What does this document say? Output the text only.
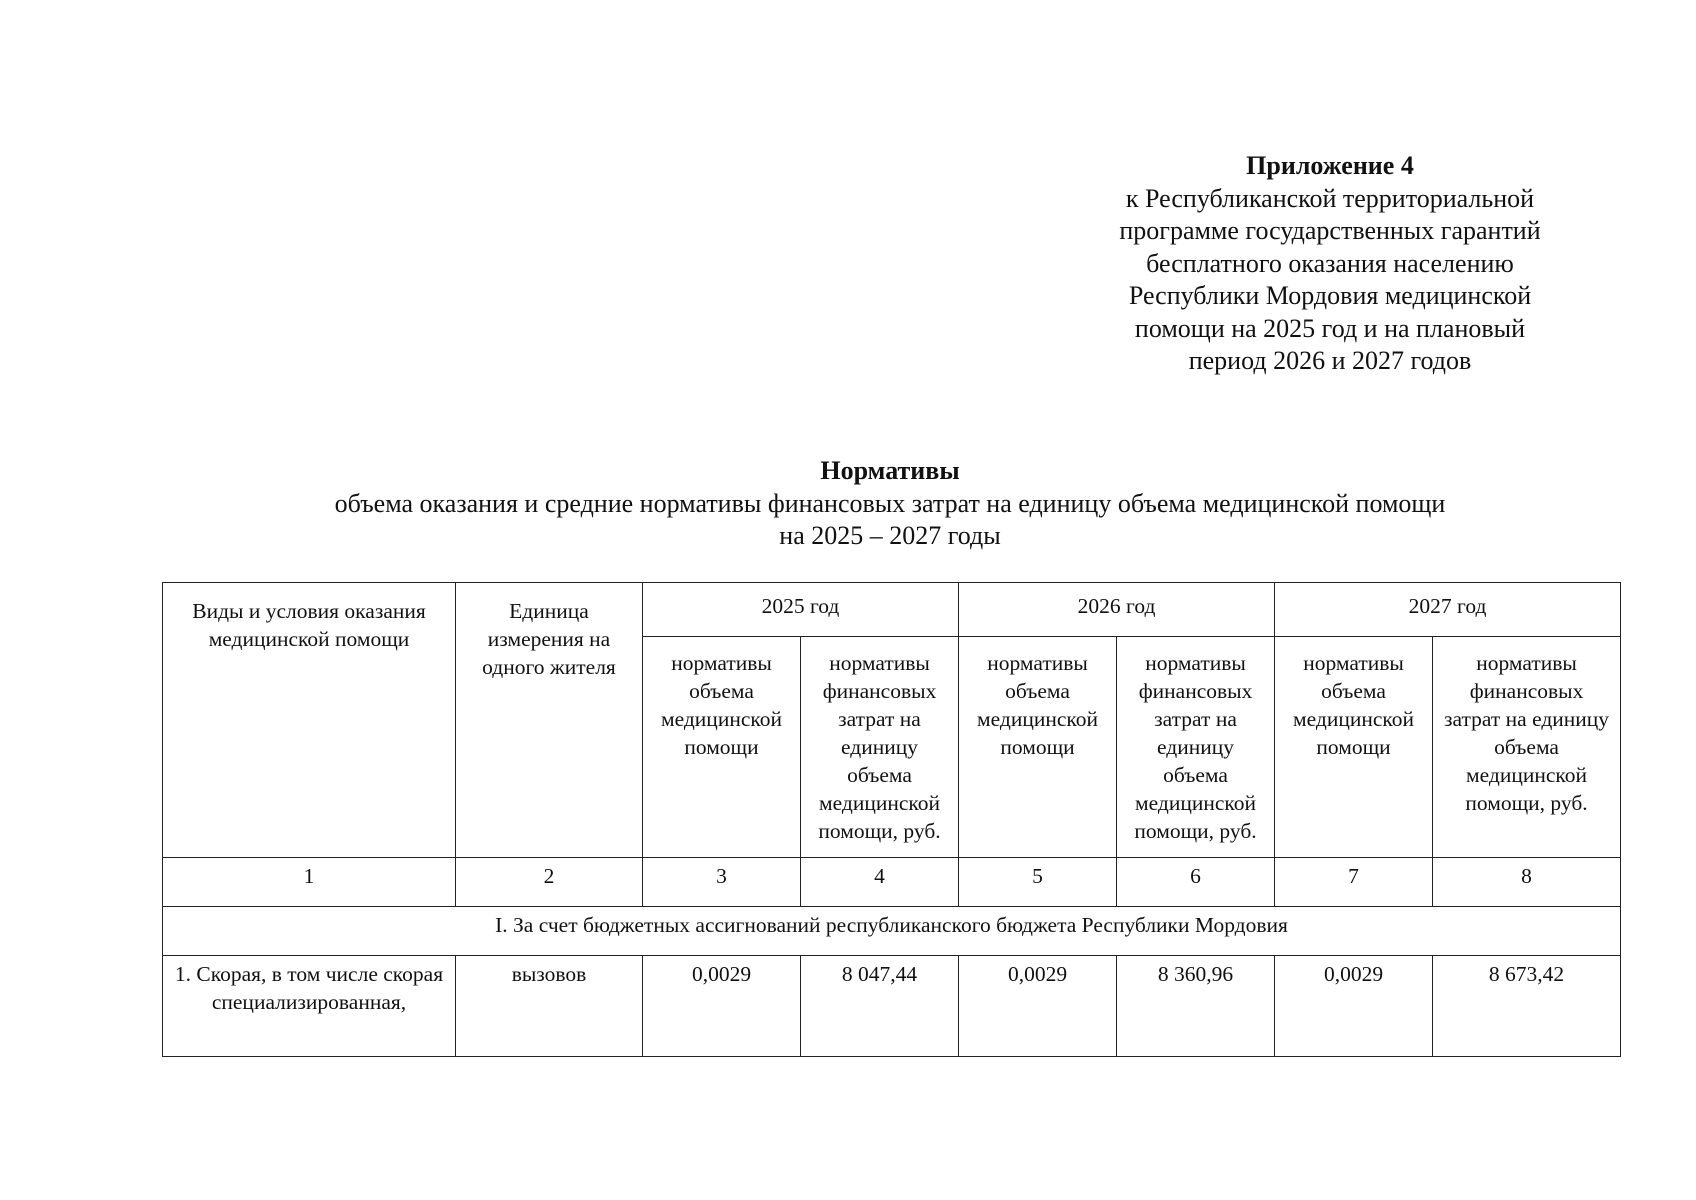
Приложение 4
к Республиканской территориальной
программе государственных гарантий
бесплатного оказания населению
Республики Мордовия медицинской
помощи на 2025 год и на плановый
период 2026 и 2027 годов
Нормативы
объема оказания и средние нормативы финансовых затрат на единицу объема медицинской помощи
на 2025 – 2027 годы
Виды и условия оказания медицинской помощи	Единица измерения на одного жителя	2025 год		2026 год		2027 год	
		нормативы объема медицинской помощи	нормативы финансовых затрат на единицу объема медицинской помощи, руб.	нормативы объема медицинской помощи	нормативы финансовых затрат на единицу объема медицинской помощи, руб.	нормативы объема медицинской помощи	нормативы финансовых затрат на единицу объема медицинской помощи, руб.
1	2	3	4	5	6	7	8
I. За счет бюджетных ассигнований республиканского бюджета Республики Мордовия							
1. Скорая, в том числе скорая специализированная,	вызовов	0,0029	8 047,44	0,0029	8 360,96	0,0029	8 673,42
